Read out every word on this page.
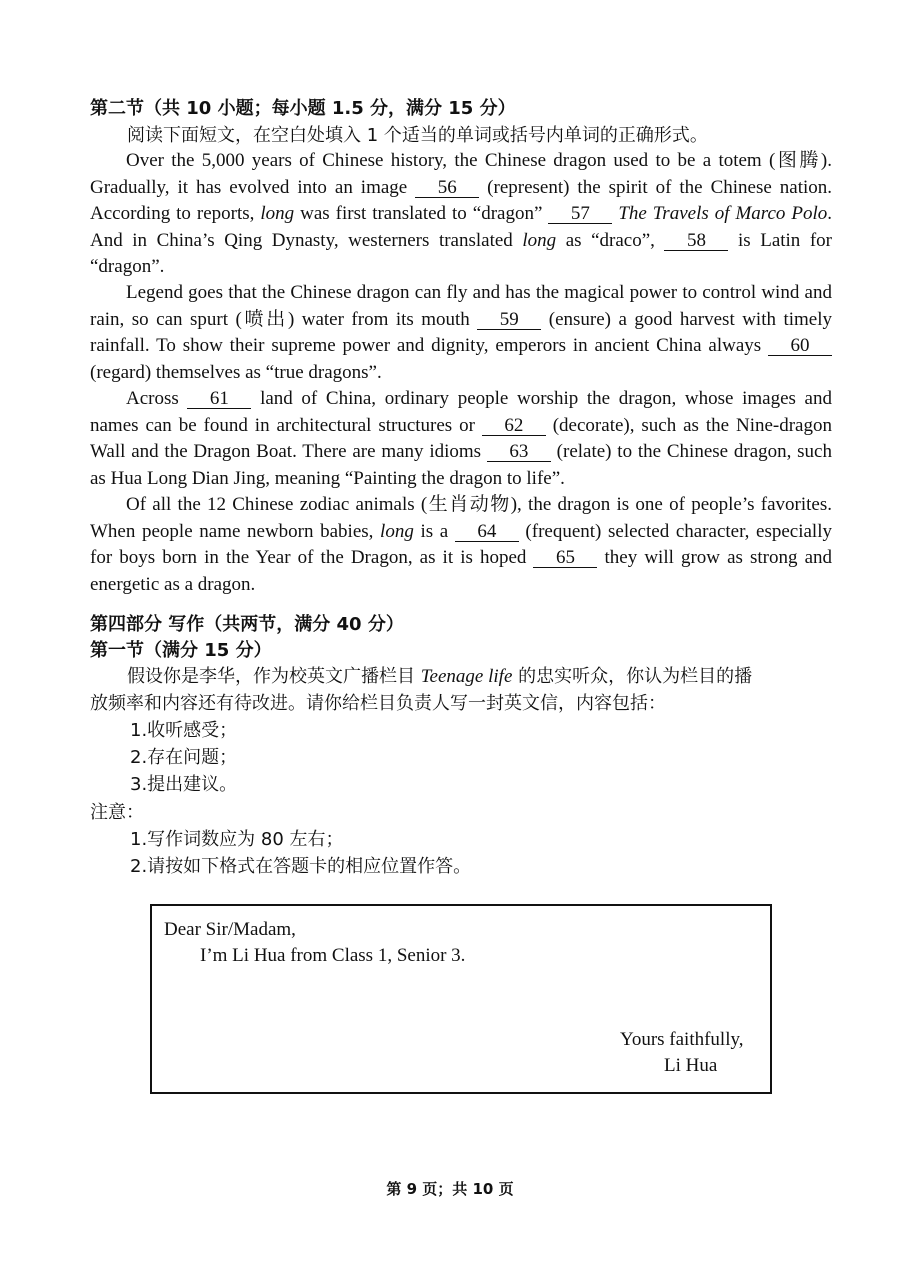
第二节（共 10 小题；每小题 1.5 分，满分 15 分）
阅读下面短文，在空白处填入 1 个适当的单词或括号内单词的正确形式。
Over the 5,000 years of Chinese history, the Chinese dragon used to be a totem (图腾). Gradually, it has evolved into an image 56 (represent) the spirit of the Chinese nation. According to reports, long was first translated to “dragon” 57 The Travels of Marco Polo. And in China’s Qing Dynasty, westerners translated long as “draco”, 58 is Latin for “dragon”.
Legend goes that the Chinese dragon can fly and has the magical power to control wind and rain, so can spurt (喷出) water from its mouth 59 (ensure) a good harvest with timely rainfall. To show their supreme power and dignity, emperors in ancient China always 60 (regard) themselves as “true dragons”.
Across 61 land of China, ordinary people worship the dragon, whose images and names can be found in architectural structures or 62 (decorate), such as the Nine-dragon Wall and the Dragon Boat. There are many idioms 63 (relate) to the Chinese dragon, such as Hua Long Dian Jing, meaning “Painting the dragon to life”.
Of all the 12 Chinese zodiac animals (生肖动物), the dragon is one of people’s favorites. When people name newborn babies, long is a 64 (frequent) selected character, especially for boys born in the Year of the Dragon, as it is hoped 65 they will grow as strong and energetic as a dragon.
第四部分 写作（共两节，满分 40 分）
第一节（满分 15 分）
假设你是李华，作为校英文广播栏目 Teenage life 的忠实听众，你认为栏目的播
放频率和内容还有待改进。请你给栏目负责人写一封英文信，内容包括：
1.收听感受；
2.存在问题；
3.提出建议。
注意：
1.写作词数应为 80 左右；
2.请按如下格式在答题卡的相应位置作答。
Dear Sir/Madam,
I’m Li Hua from Class 1, Senior 3.
Yours faithfully,
Li Hua
第 9 页；共 10 页
